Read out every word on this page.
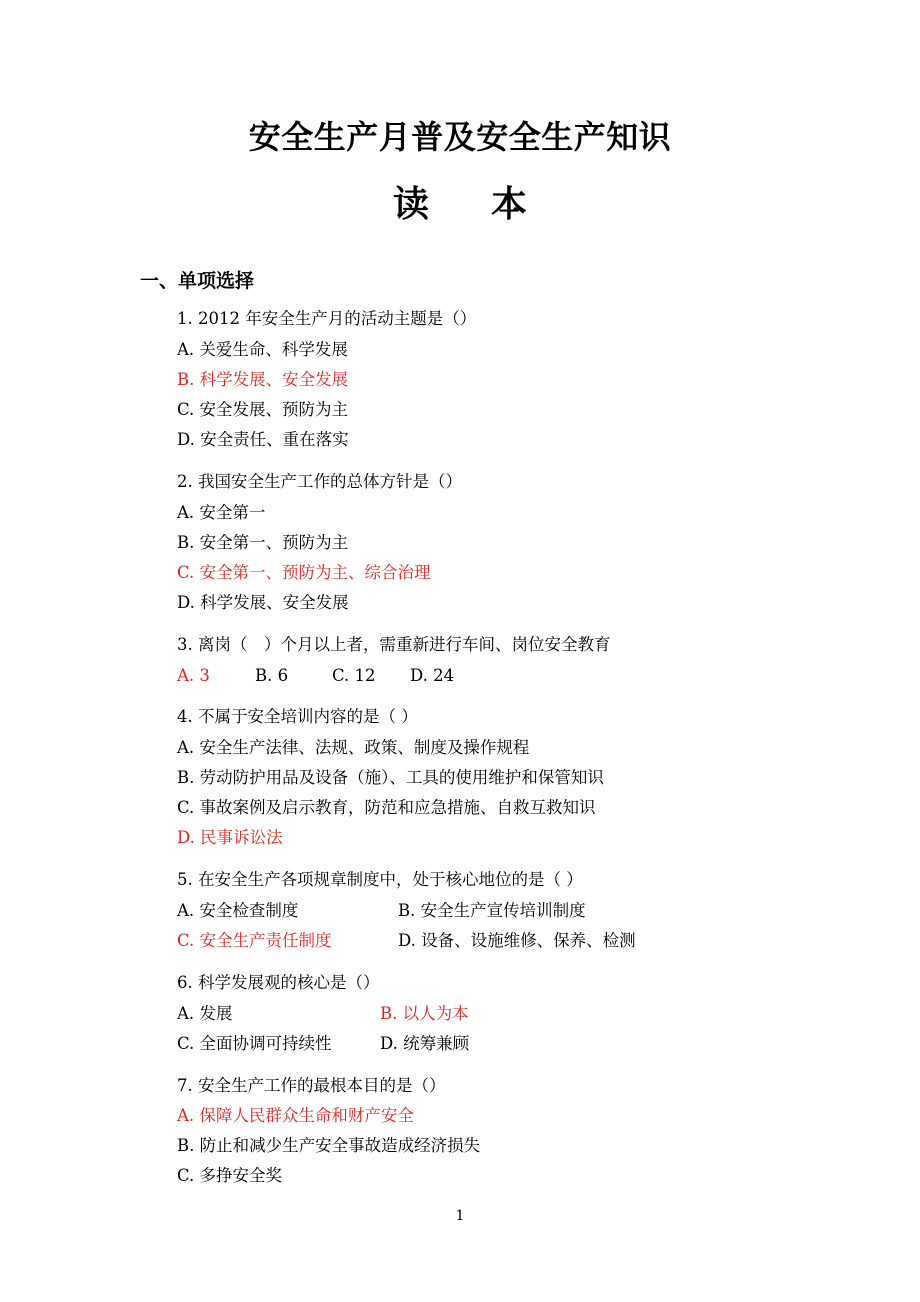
安全生产月普及安全生产知识
读 本
一、单项选择
1. 2012 年安全生产月的活动主题是（）
A. 关爱生命、科学发展
B. 科学发展、安全发展
C. 安全发展、预防为主
D. 安全责任、重在落实
2. 我国安全生产工作的总体方针是（）
A. 安全第一
B. 安全第一、预防为主
C. 安全第一、预防为主、综合治理
D. 科学发展、安全发展
3. 离岗（　）个月以上者，需重新进行车间、岗位安全教育
A. 3	B. 6	C. 12 D. 24
4. 不属于安全培训内容的是（ ）
A. 安全生产法律、法规、政策、制度及操作规程
B. 劳动防护用品及设备（施）、工具的使用维护和保管知识
C. 事故案例及启示教育，防范和应急措施、自救互救知识
D. 民事诉讼法
5. 在安全生产各项规章制度中，处于核心地位的是（ ）
A. 安全检查制度	B. 安全生产宣传培训制度
C. 安全生产责任制度	D. 设备、设施维修、保养、检测
6. 科学发展观的核心是（）
A. 发展	B. 以人为本
C. 全面协调可持续性	D. 统筹兼顾
7. 安全生产工作的最根本目的是（）
A. 保障人民群众生命和财产安全
B. 防止和减少生产安全事故造成经济损失
C. 多挣安全奖
1
